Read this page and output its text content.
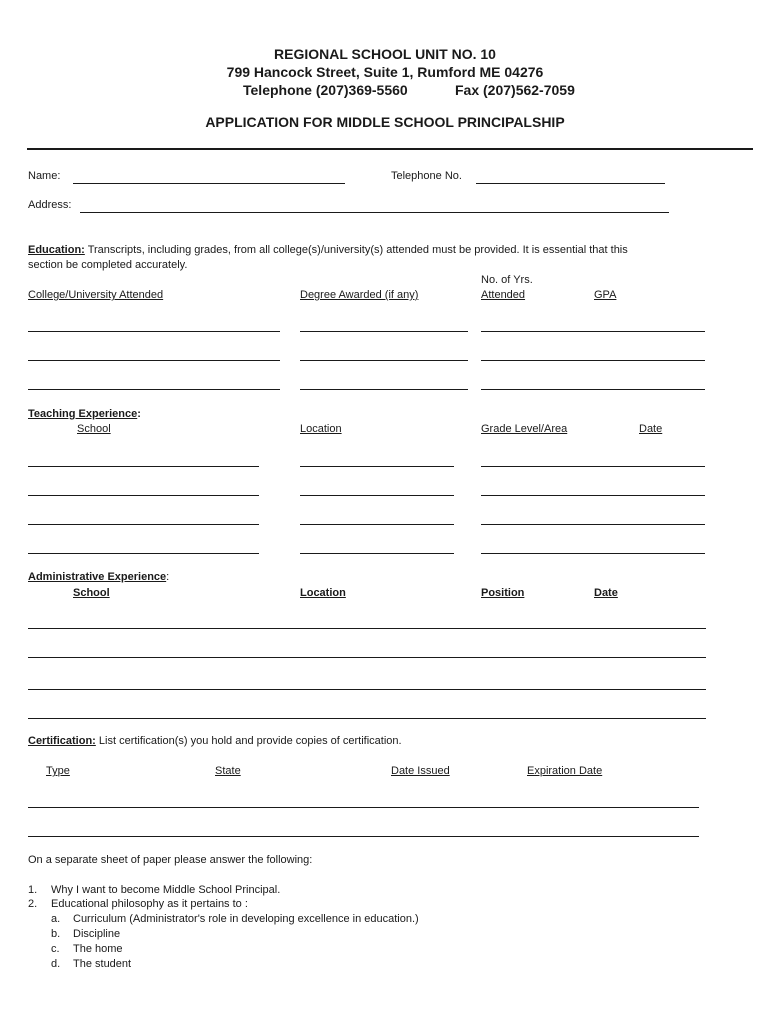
REGIONAL SCHOOL UNIT NO. 10
799 Hancock Street, Suite 1, Rumford ME 04276
Telephone (207)369-5560	Fax (207)562-7059
APPLICATION FOR MIDDLE SCHOOL PRINCIPALSHIP
Name:	Telephone No.
Address:
Education: Transcripts, including grades, from all college(s)/university(s) attended must be provided. It is essential that this
section be completed accurately.
No. of Yrs.
College/University Attended	Degree Awarded (if any)	Attended	GPA
Teaching Experience:
School	Location	Grade Level/Area	Date
Administrative Experience:
School	Location	Position	Date
Certification: List certification(s) you hold and provide copies of certification.
Type	State	Date Issued	Expiration Date
On a separate sheet of paper please answer the following:
1. Why I want to become Middle School Principal.
2. Educational philosophy as it pertains to :
a. Curriculum (Administrator's role in developing excellence in education.)
b. Discipline
c. The home
d. The student
